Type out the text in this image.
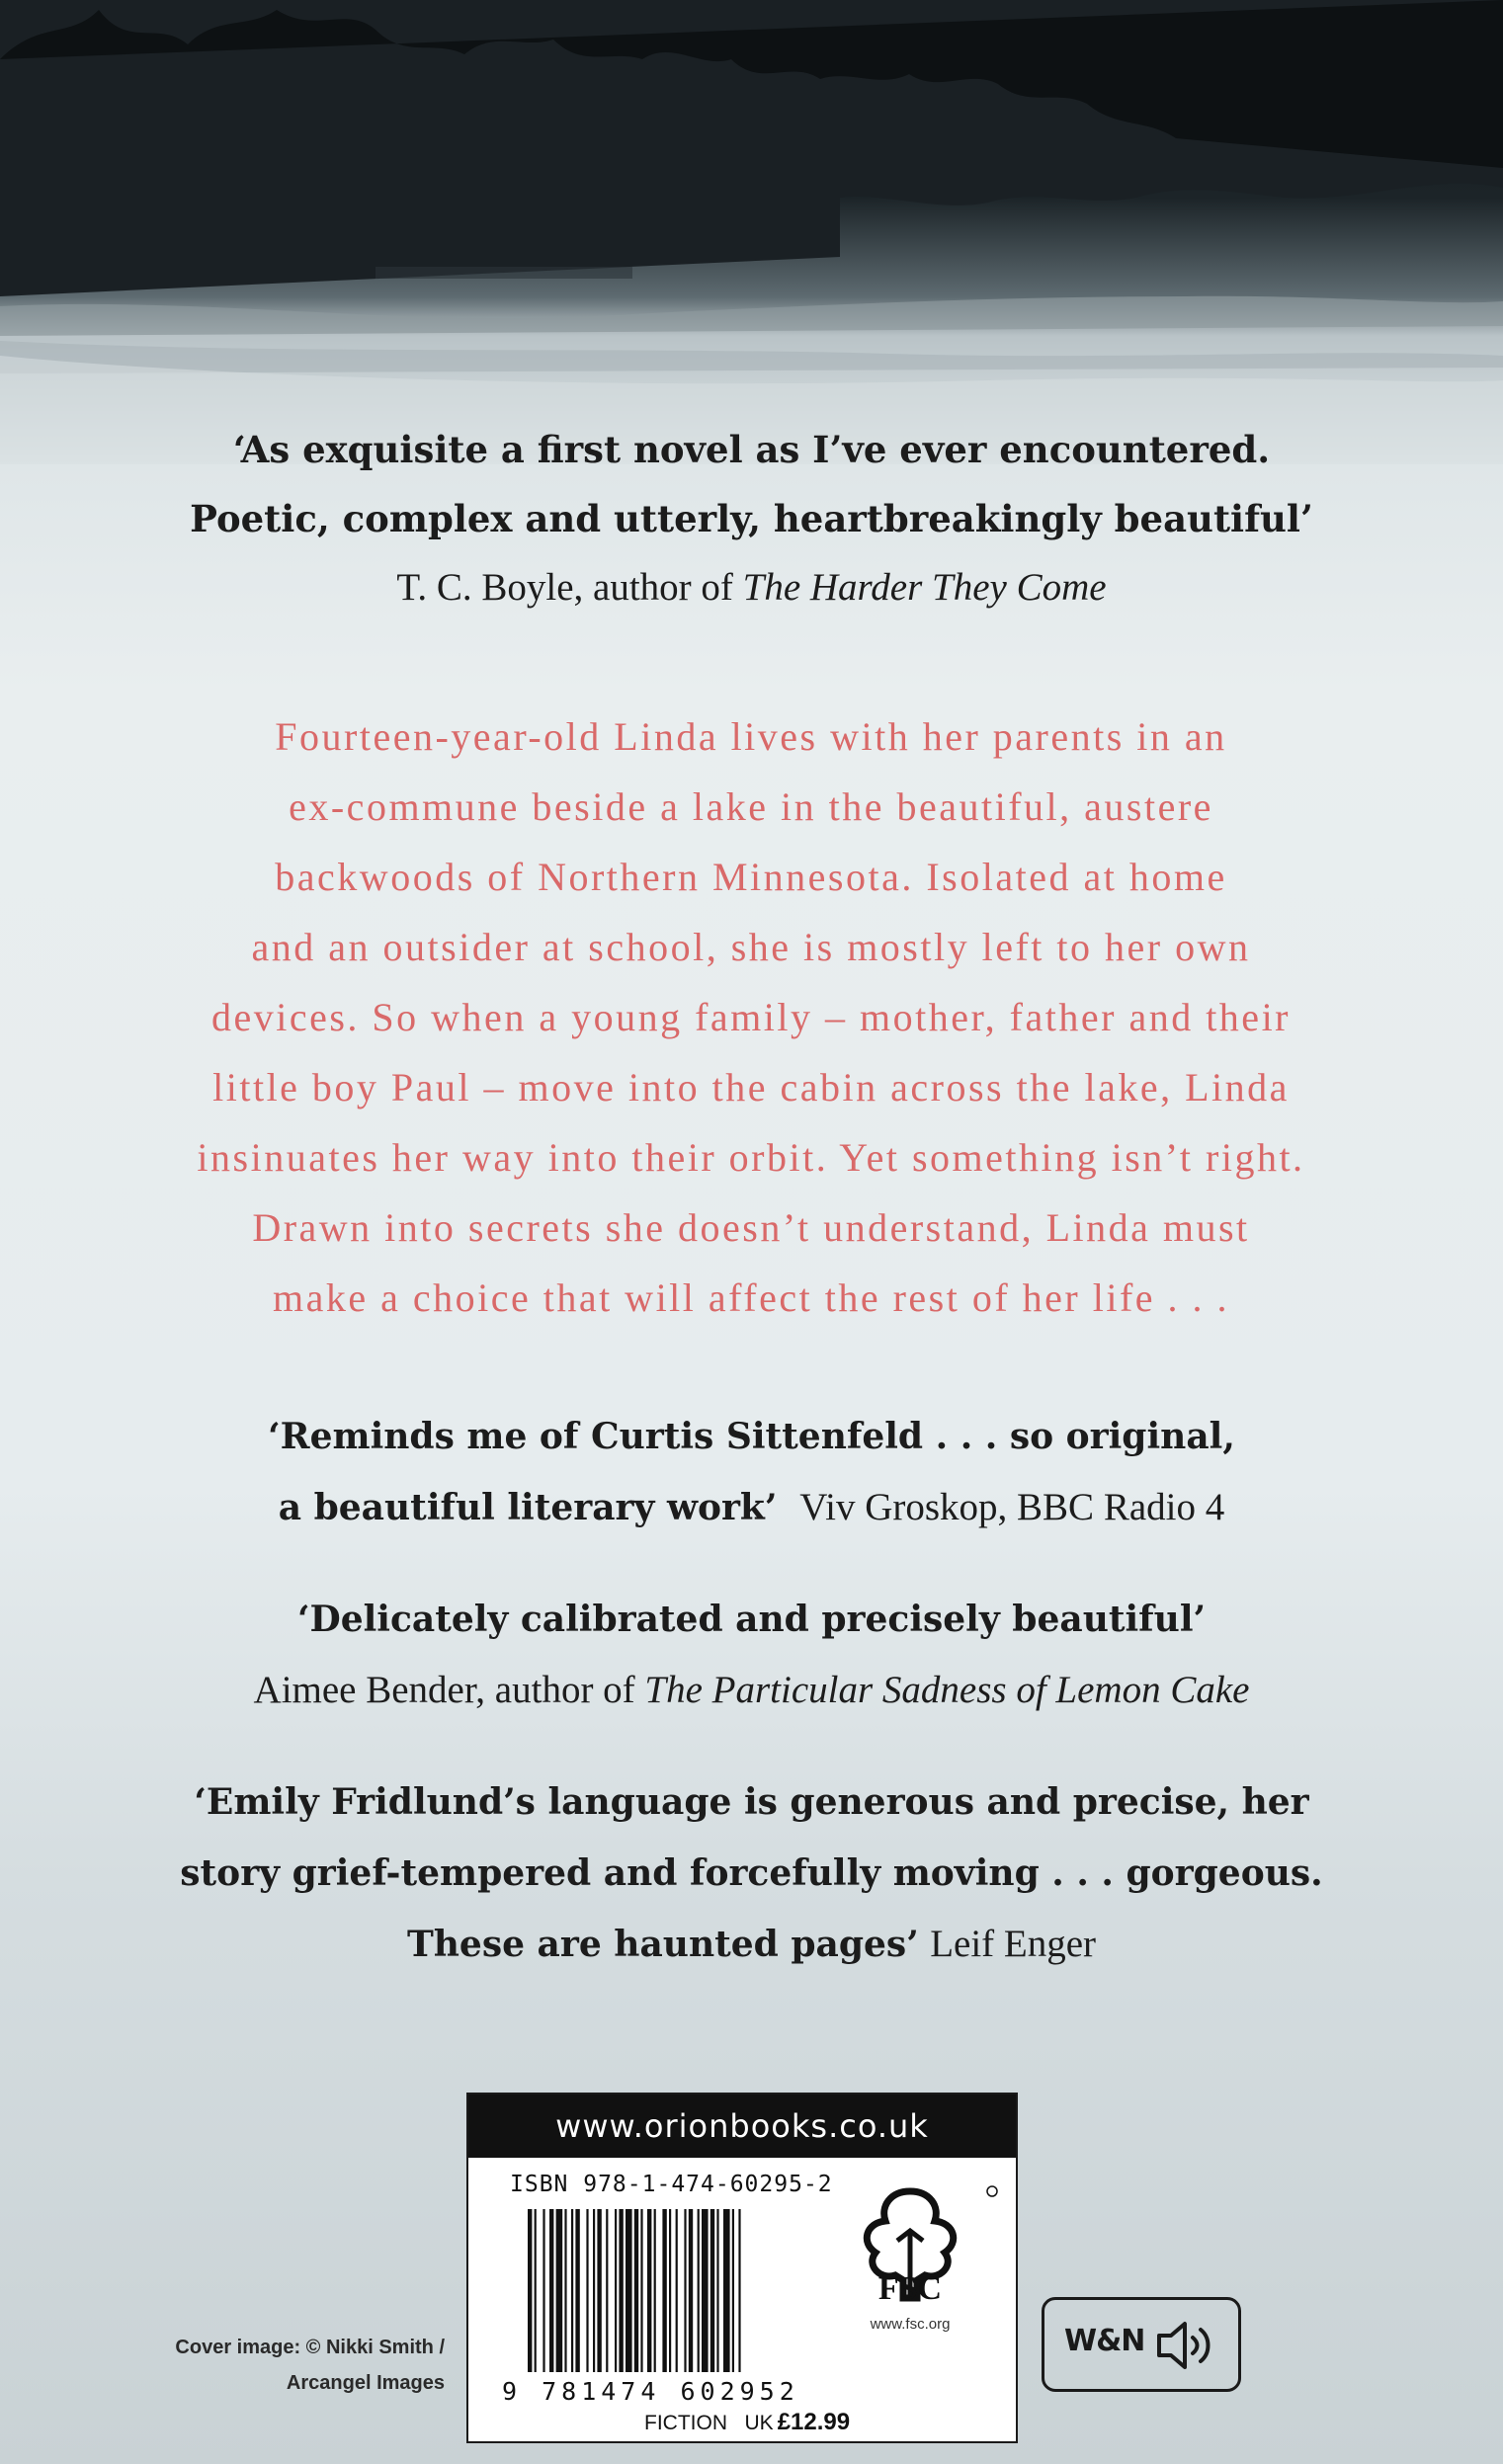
‘As exquisite a first novel as I’ve ever encountered.
Poetic, complex and utterly, heartbreakingly beautiful’
T. C. Boyle, author of The Harder They Come
Fourteen-year-old Linda lives with her parents in an
ex-commune beside a lake in the beautiful, austere
backwoods of Northern Minnesota. Isolated at home
and an outsider at school, she is mostly left to her own
devices. So when a young family – mother, father and their
little boy Paul – move into the cabin across the lake, Linda
insinuates her way into their orbit. Yet something isn’t right.
Drawn into secrets she doesn’t understand, Linda must
make a choice that will affect the rest of her life . . .
‘Reminds me of Curtis Sittenfeld . . . so original,
a beautiful literary work’ Viv Groskop, BBC Radio 4
‘Delicately calibrated and precisely beautiful’
Aimee Bender, author of The Particular Sadness of Lemon Cake
‘Emily Fridlund’s language is generous and precise, her
story grief-tempered and forcefully moving . . . gorgeous.
These are haunted pages’ Leif Enger
www.orionbooks.co.uk
ISBN 978-1-474-60295-2
9 781474 602952
FICTION UK £12.99
FSC
www.fsc.org
Cover image: © Nikki Smith /
Arcangel Images
W&N
